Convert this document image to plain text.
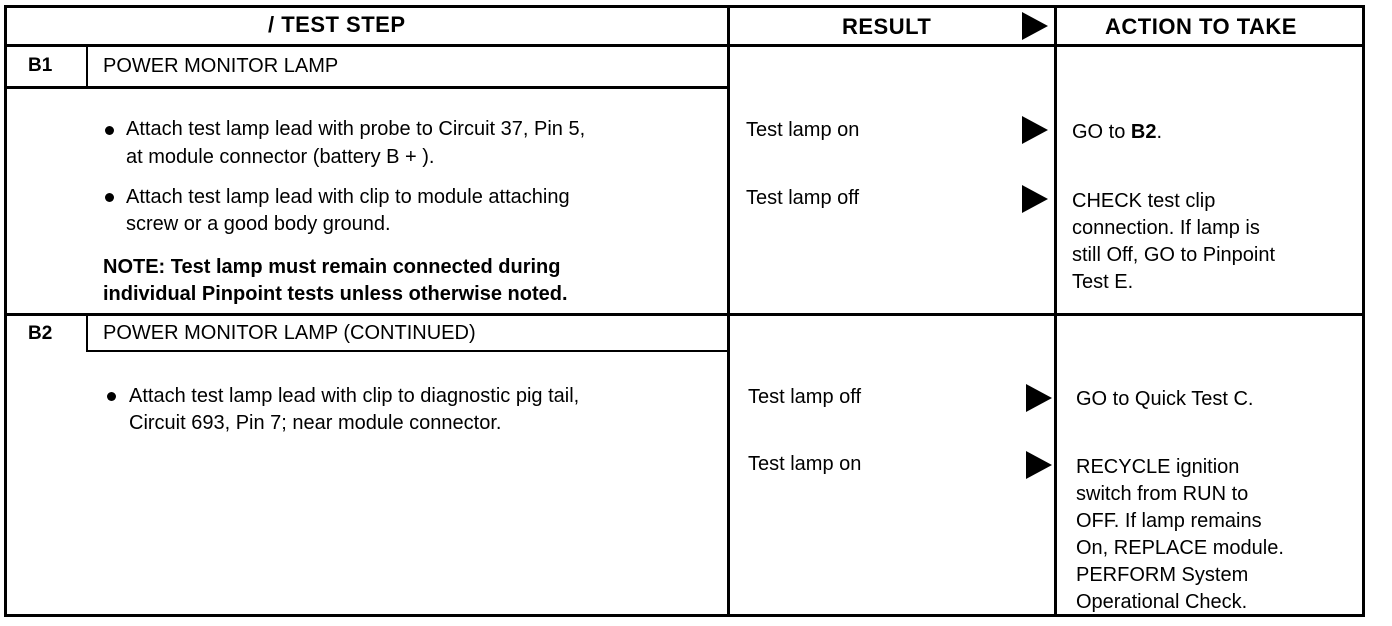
/ TEST STEP	RESULT	ACTION TO TAKE
B1	POWER MONITOR LAMP
Attach test lamp lead with probe to Circuit 37, Pin 5,
at module connector (battery B + ).
Attach test lamp lead with clip to module attaching
screw or a good body ground.
NOTE: Test lamp must remain connected during
individual Pinpoint tests unless otherwise noted.
Test lamp on	GO to B2.
Test lamp off	CHECK test clip
connection. If lamp is
still Off, GO to Pinpoint
Test E.
B2	POWER MONITOR LAMP (CONTINUED)
Attach test lamp lead with clip to diagnostic pig tail,
Circuit 693, Pin 7; near module connector.
Test lamp off	GO to Quick Test C.
Test lamp on	RECYCLE ignition
switch from RUN to
OFF. If lamp remains
On, REPLACE module.
PERFORM System
Operational Check.
